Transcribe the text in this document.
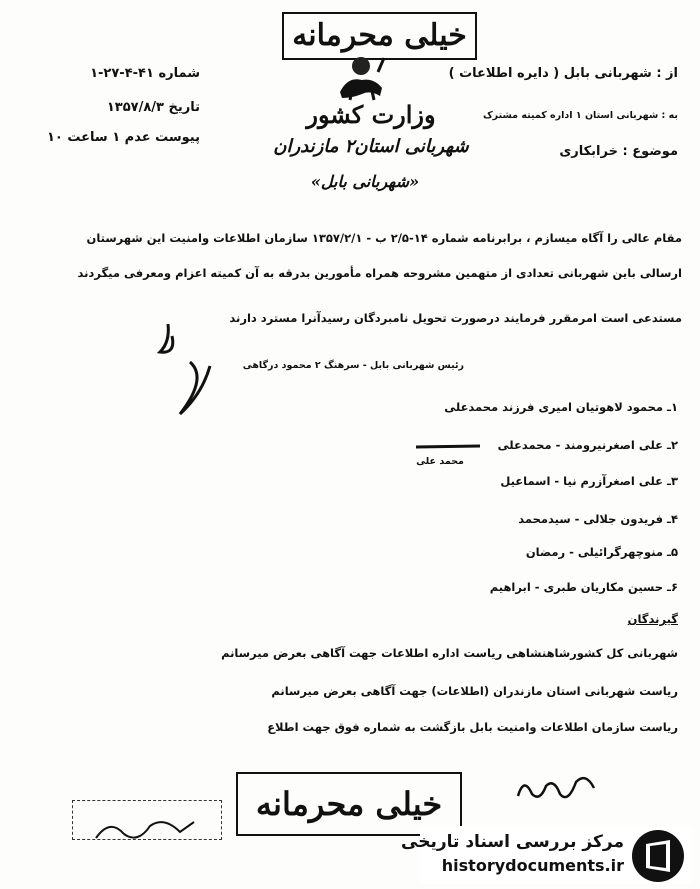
خیلی محرمانه
وزارت کشور
شهربانی استان۲ مازندران
«شهربانی بابل»
شماره ۴۱-۴-۲۷-۱
تاریخ ۱۳۵۷/۸/۳
پیوست عدم ۱ ساعت ۱۰
از : شهربانی بابل ( دایره اطلاعات )
به : شهربانی استان ۱ اداره کمیته مشترک
موضوع : خرابکاری
مقام عالی را آگاه میسازم ، برابرنامه شماره ۱۴-۲/۵ ب - ۱۳۵۷/۲/۱ سازمان اطلاعات وامنیت این شهرستان
ارسالی باین شهربانی تعدادی از متهمین مشروحه همراه مأمورین بدرقه به آن کمیته اعزام ومعرفی میگردند
مستدعی است امرمقرر فرمایند درصورت تحویل نامبردگان رسیدآنرا مسترد دارند
رئیس شهربانی بابل - سرهنگ ۲ محمود درگاهی
۱ـ محمود لاهوتیان امیری فرزند محمدعلی
۲ـ علی اصغرنیرومند - محمدعلی
محمد علی
۳ـ علی اصغرآزرم نیا - اسماعیل
۴ـ فریدون جلالی - سیدمحمد
۵ـ منوچهرگرائیلی - رمضان
۶ـ حسین مکاریان طبری - ابراهیم
گیرندگان
شهربانی کل کشورشاهنشاهی ریاست اداره اطلاعات جهت آگاهی بعرض میرسانم
ریاست شهربانی استان مازندران (اطلاعات) جهت آگاهی بعرض میرسانم
ریاست سازمان اطلاعات وامنیت بابل بازگشت به شماره فوق جهت اطلاع
خیلی محرمانه
مرکز بررسی اسناد تاریخی
historydocuments.ir
